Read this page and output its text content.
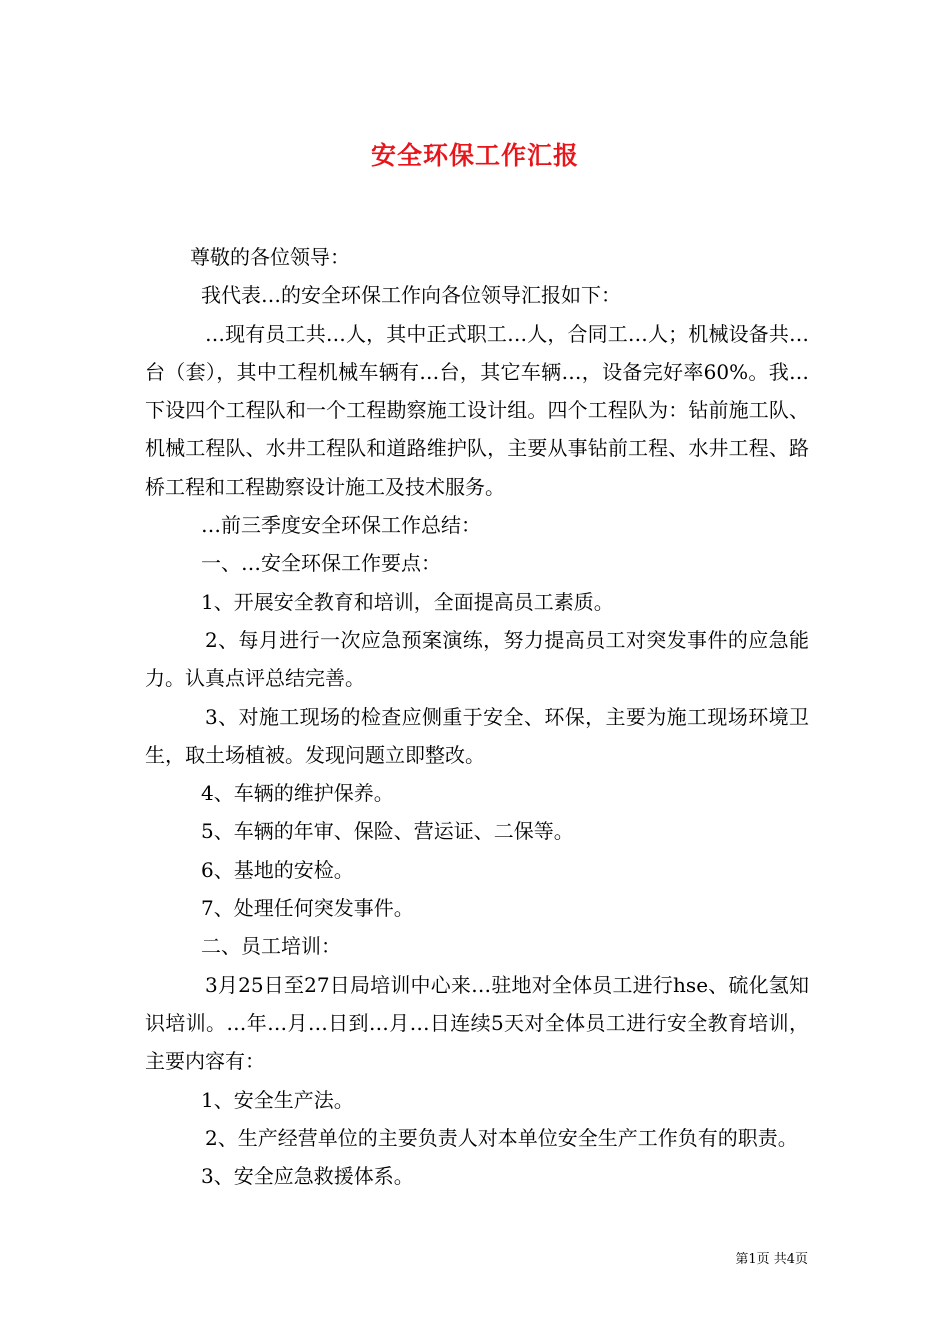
安全环保工作汇报

尊敬的各位领导：

我代表…的安全环保工作向各位领导汇报如下：

…现有员工共…人，其中正式职工…人，合同工…人；机械设备共…台（套），其中工程机械车辆有…台，其它车辆…，设备完好率60%。我…下设四个工程队和一个工程勘察施工设计组。四个工程队为：钻前施工队、机械工程队、水井工程队和道路维护队，主要从事钻前工程、水井工程、路桥工程和工程勘察设计施工及技术服务。

…前三季度安全环保工作总结：

一、…安全环保工作要点：

1、开展安全教育和培训，全面提高员工素质。

2、每月进行一次应急预案演练，努力提高员工对突发事件的应急能力。认真点评总结完善。

3、对施工现场的检查应侧重于安全、环保，主要为施工现场环境卫生，取土场植被。发现问题立即整改。

4、车辆的维护保养。

5、车辆的年审、保险、营运证、二保等。

6、基地的安检。

7、处理任何突发事件。

二、员工培训：

3月25日至27日局培训中心来…驻地对全体员工进行hse、硫化氢知识培训。…年…月…日到…月…日连续5天对全体员工进行安全教育培训，主要内容有：

1、安全生产法。

2、生产经营单位的主要负责人对本单位安全生产工作负有的职责。

3、安全应急救援体系。

第1页 共4页
